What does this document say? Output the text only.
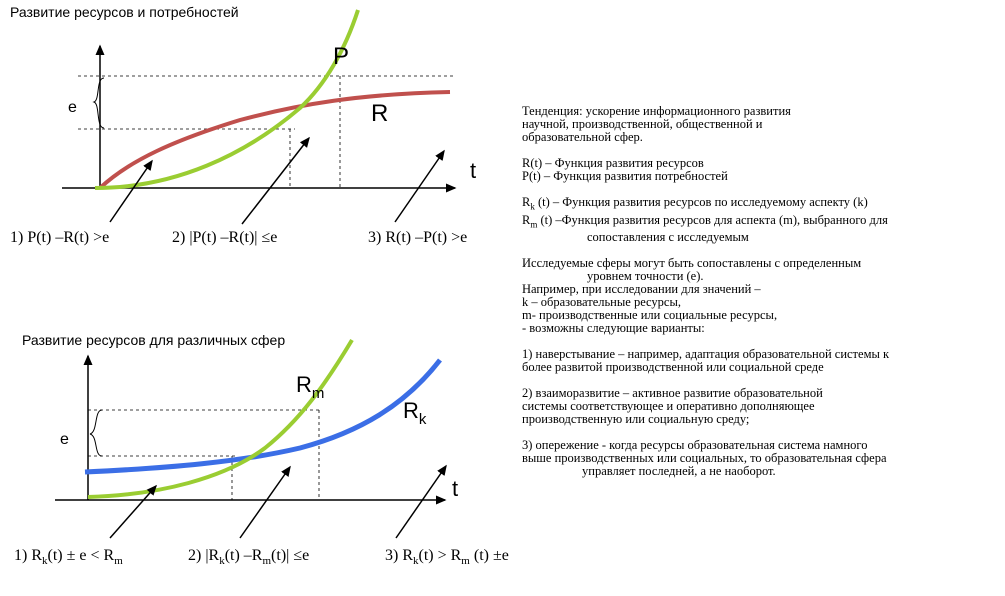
Развитие ресурсов и потребностей
Развитие ресурсов для различных сфер
e
t
P
R
1) P(t) –R(t) >e	2) |P(t) –R(t)| ≤e	3) R(t) –P(t) >e
e
t
$R_m$
$R_k$
1) $R_k(t) \pm e < R_m$	2) $|R_k(t)$ $-R_m(t)| \le e$	3) $R_k(t) > R_m$ (t) ±e
Тенденция: ускорение информационного развития
научной, производственной, общественной и
образовательной сфер.
R(t) – Функция развития ресурсов
P(t) – Функция развития потребностей
$R_k$ (t) – Функция развития ресурсов по исследуемому аспекту (k)
$R_m$ (t) –Функция развития ресурсов для аспекта (m), выбранного для
сопоставления с исследуемым
Исследуемые сферы могут быть сопоставлены с определенным
уровнем точности (e).
Например, при исследовании для значений –
k – образовательные ресурсы,
m- производственные или социальные ресурсы,
- возможны следующие варианты:
1) наверстывание – например, адаптация образовательной системы к
более развитой производственной или социальной среде
2) взаиморазвитие – активное развитие образовательной
системы соответствующее и оперативно дополняющее
производственную или социальную среду;
3) опережение - когда ресурсы образовательная система намного
выше производственных или социальных, то образовательная сфера
управляет последней, а не наоборот.
